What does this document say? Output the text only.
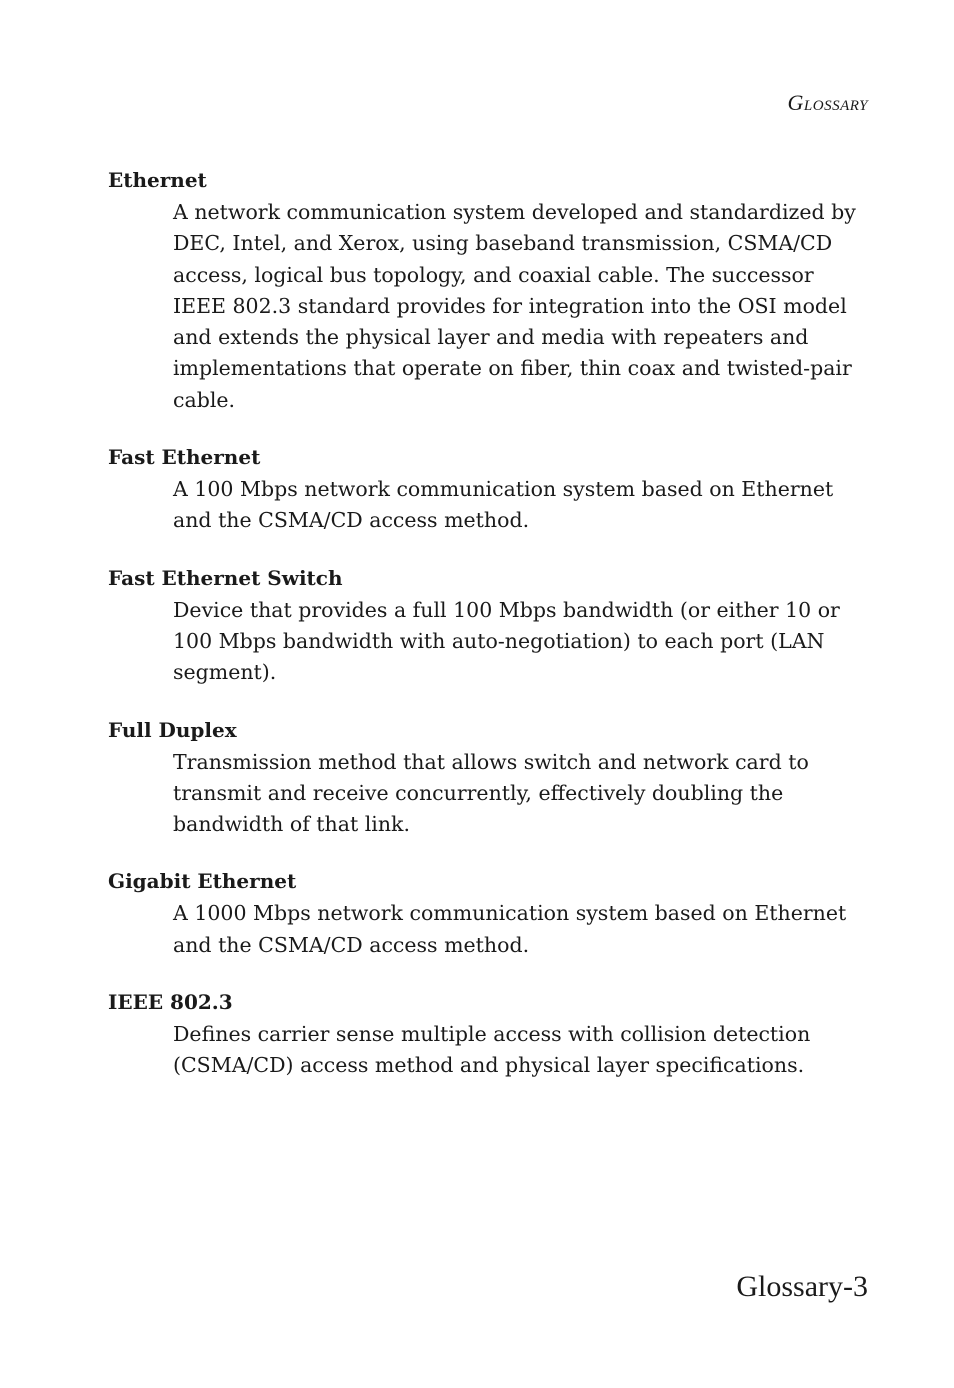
Glossary
Ethernet
A network communication system developed and standardized by DEC, Intel, and Xerox, using baseband transmission, CSMA/CD access, logical bus topology, and coaxial cable. The successor IEEE 802.3 standard provides for integration into the OSI model and extends the physical layer and media with repeaters and implementations that operate on fiber, thin coax and twisted-pair cable.
Fast Ethernet
A 100 Mbps network communication system based on Ethernet and the CSMA/CD access method.
Fast Ethernet Switch
Device that provides a full 100 Mbps bandwidth (or either 10 or 100 Mbps bandwidth with auto-negotiation) to each port (LAN segment).
Full Duplex
Transmission method that allows switch and network card to transmit and receive concurrently, effectively doubling the bandwidth of that link.
Gigabit Ethernet
A 1000 Mbps network communication system based on Ethernet and the CSMA/CD access method.
IEEE 802.3
Defines carrier sense multiple access with collision detection (CSMA/CD) access method and physical layer specifications.
Glossary-3
